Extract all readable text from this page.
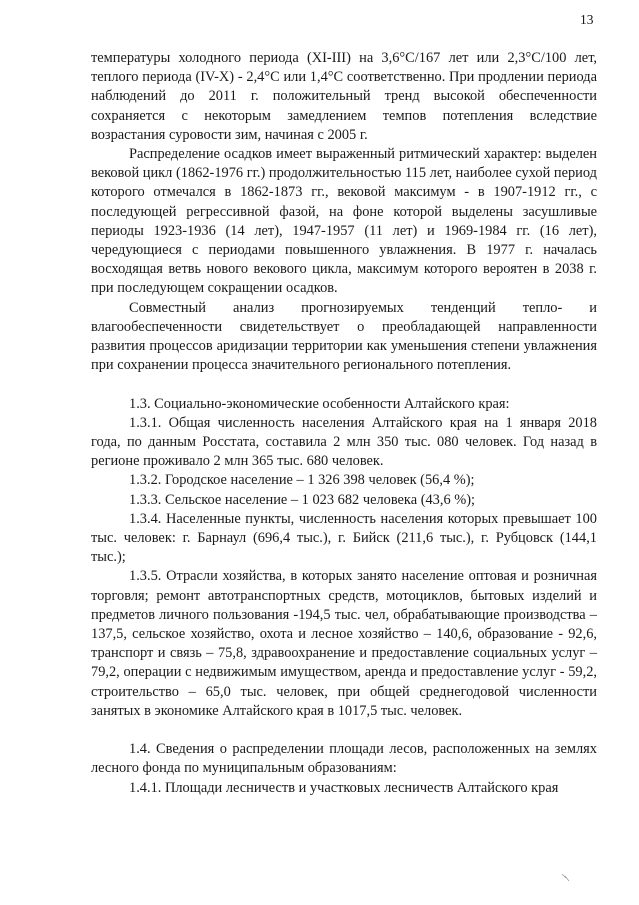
13

температуры холодного периода (XI-III) на 3,6°C/167 лет или 2,3°C/100 лет, теплого периода (IV-X) - 2,4°C или 1,4°C соответственно. При продлении периода наблюдений до 2011 г. положительный тренд высокой обеспеченности сохраняется с некоторым замедлением темпов потепления вследствие возрастания суровости зим, начиная с 2005 г.

Распределение осадков имеет выраженный ритмический характер: выделен вековой цикл (1862-1976 гг.) продолжительностью 115 лет, наиболее сухой период которого отмечался в 1862-1873 гг., вековой максимум - в 1907-1912 гг., с последующей регрессивной фазой, на фоне которой выделены засушливые периоды 1923-1936 (14 лет), 1947-1957 (11 лет) и 1969-1984 гг. (16 лет), чередующиеся с периодами повышенного увлажнения. В 1977 г. началась восходящая ветвь нового векового цикла, максимум которого вероятен в 2038 г. при последующем сокращении осадков.

Совместный анализ прогнозируемых тенденций тепло- и влагообеспеченности свидетельствует о преобладающей направленности развития процессов аридизации территории как уменьшения степени увлажнения при сохранении процесса значительного регионального потепления.

1.3. Социально-экономические особенности Алтайского края:

1.3.1. Общая численность населения Алтайского края на 1 января 2018 года, по данным Росстата, составила 2 млн 350 тыс. 080 человек. Год назад в регионе проживало 2 млн 365 тыс. 680 человек.

1.3.2. Городское население – 1 326 398 человек (56,4 %);

1.3.3. Сельское население – 1 023 682 человека (43,6 %);

1.3.4. Населенные пункты, численность населения которых превышает 100 тыс. человек: г. Барнаул (696,4 тыс.), г. Бийск (211,6 тыс.), г. Рубцовск (144,1 тыс.);

1.3.5. Отрасли хозяйства, в которых занято население оптовая и розничная торговля; ремонт автотранспортных средств, мотоциклов, бытовых изделий и предметов личного пользования -194,5 тыс. чел, обрабатывающие производства – 137,5, сельское хозяйство, охота и лесное хозяйство – 140,6, образование - 92,6, транспорт и связь – 75,8, здравоохранение и предоставление социальных услуг – 79,2, операции с недвижимым имуществом, аренда и предоставление услуг - 59,2, строительство – 65,0 тыс. человек, при общей среднегодовой численности занятых в экономике Алтайского края в 1017,5 тыс. человек.

1.4. Сведения о распределении площади лесов, расположенных на землях лесного фонда по муниципальным образованиям:

1.4.1. Площади лесничеств и участковых лесничеств Алтайского края
